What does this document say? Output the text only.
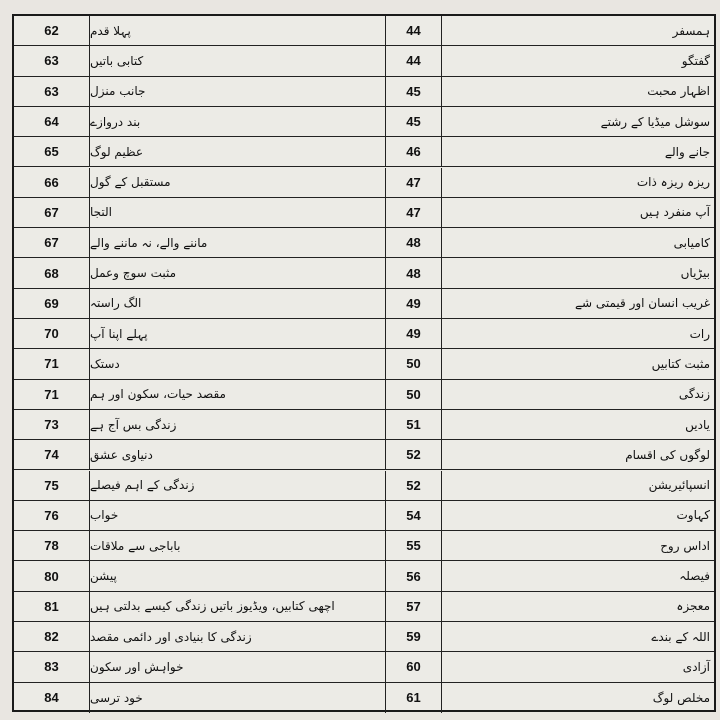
62	پہلا قدم	44	ہمسفر
63	کتابی باتیں	44	گفتگو
63	جانب منزل	45	اظہار محبت
64	بند دروازے	45	سوشل میڈیا کے رشتے
65	عظیم لوگ	46	جانے والے
66	مستقبل کے گول	47	ریزہ ریزہ ذات
67	التجا	47	آپ منفرد ہیں
67	ماننے والے، نہ ماننے والے	48	کامیابی
68	مثبت سوچ وعمل	48	بیڑیاں
69	الگ راستہ	49	غریب انسان اور قیمتی شے
70	پہلے اپنا آپ	49	رات
71	دستک	50	مثبت کتابیں
71	مقصد حیات، سکون اور ہم	50	زندگی
73	زندگی بس آج ہے	51	یادیں
74	دنیاوی عشق	52	لوگوں کی اقسام
75	زندگی کے اہم فیصلے	52	انسپائیریشن
76	خواب	54	کہاوت
78	باباجی سے ملاقات	55	اداس روح
80	پیشن	56	فیصلہ
81	اچھی کتابیں، ویڈیوز باتیں زندگی کیسے بدلتی ہیں	57	معجزہ
82	زندگی کا بنیادی اور دائمی مقصد	59	اللہ کے بندے
83	خواہش اور سکون	60	آزادی
84	خود ترسی	61	مخلص لوگ
